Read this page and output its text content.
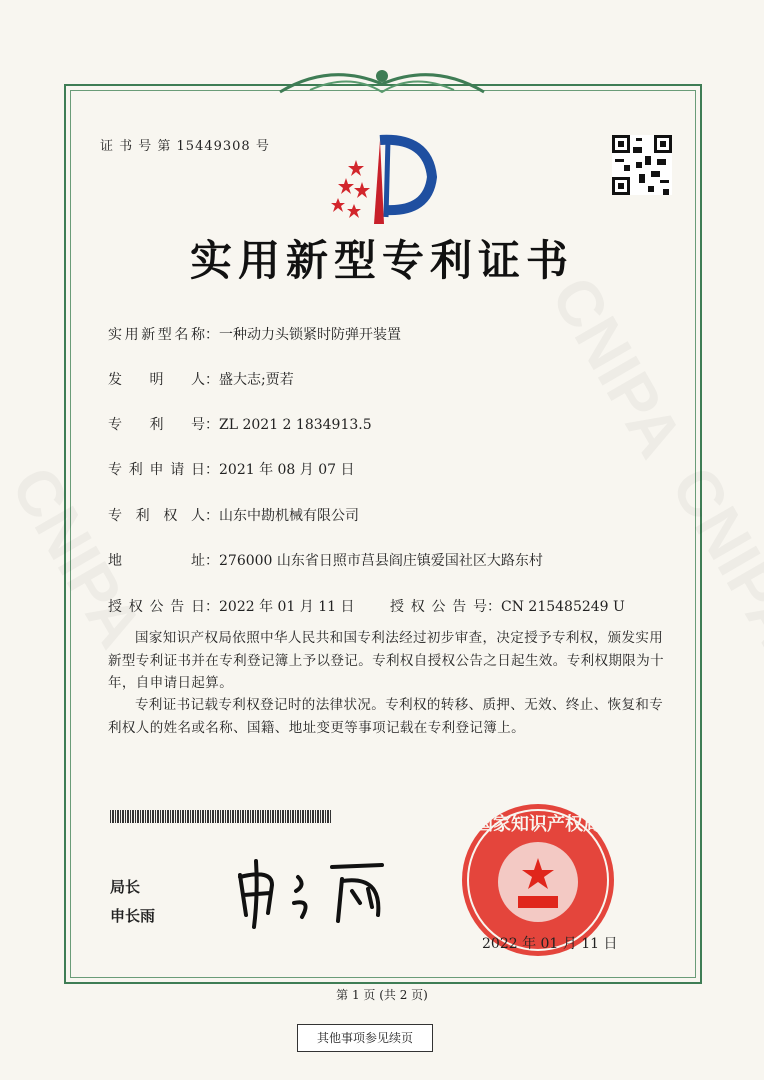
证 书 号 第 15449308 号
实用新型专利证书
实用新型名称：一种动力头锁紧时防弹开装置
发明人：盛大志;贾若
专利号：ZL 2021 2 1834913.5
专利申请日：2021 年 08 月 07 日
专利权人：山东中勘机械有限公司
地址：276000 山东省日照市莒县阎庄镇爱国社区大路东村
授权公告日：2022 年 01 月 11 日	授权公告号：CN 215485249 U
国家知识产权局依照中华人民共和国专利法经过初步审查，决定授予专利权，颁发实用新型专利证书并在专利登记簿上予以登记。专利权自授权公告之日起生效。专利权期限为十年，自申请日起算。
专利证书记载专利权登记时的法律状况。专利权的转移、质押、无效、终止、恢复和专利权人的姓名或名称、国籍、地址变更等事项记载在专利登记簿上。
局长
申长雨
国家知识产权局
2022 年 01 月 11 日
第 1 页 (共 2 页)
其他事项参见续页
